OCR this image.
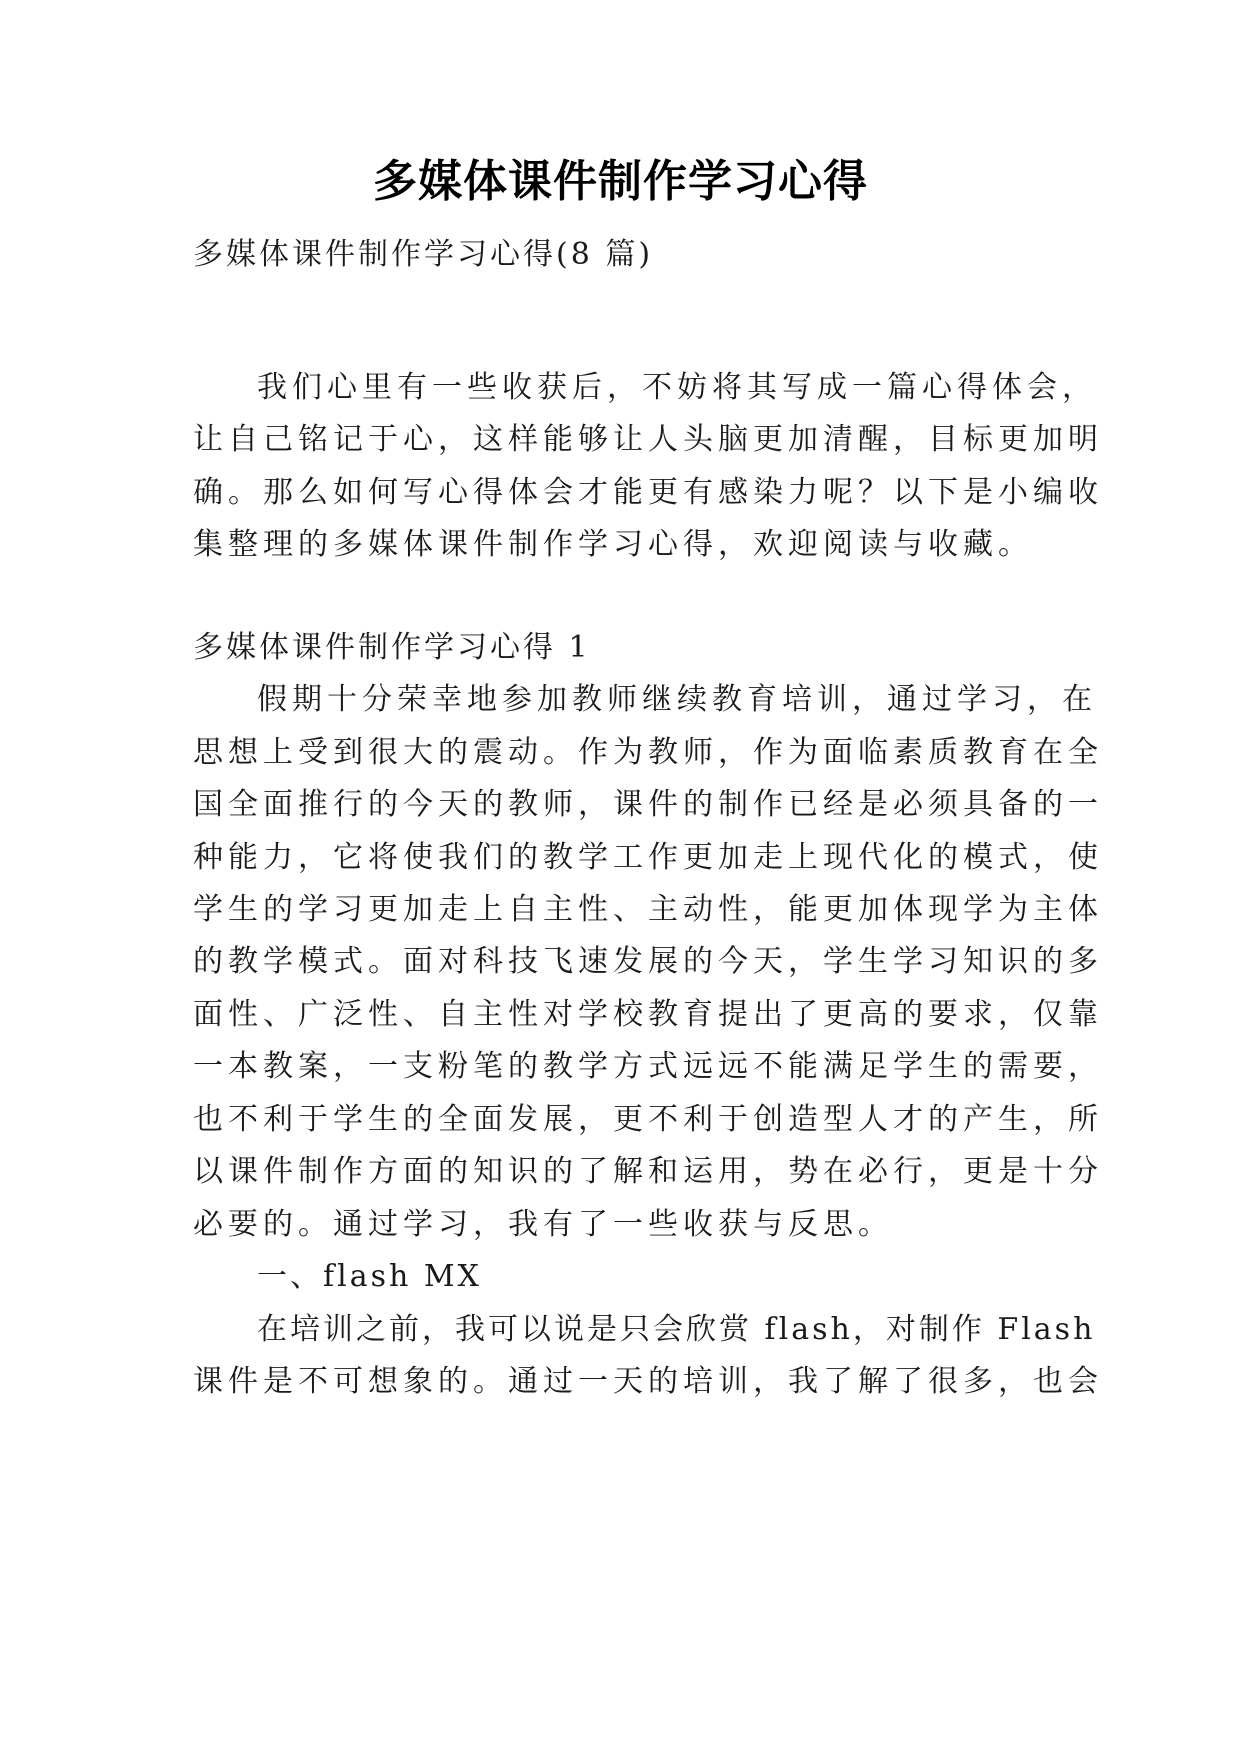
多媒体课件制作学习心得
多媒体课件制作学习心得(8 篇)
我们心里有一些收获后，不妨将其写成一篇心得体会，
让自己铭记于心，这样能够让人头脑更加清醒，目标更加明
确。那么如何写心得体会才能更有感染力呢？以下是小编收
集整理的多媒体课件制作学习心得，欢迎阅读与收藏。
多媒体课件制作学习心得 1
假期十分荣幸地参加教师继续教育培训，通过学习，在
思想上受到很大的震动。作为教师，作为面临素质教育在全
国全面推行的今天的教师，课件的制作已经是必须具备的一
种能力，它将使我们的教学工作更加走上现代化的模式，使
学生的学习更加走上自主性、主动性，能更加体现学为主体
的教学模式。面对科技飞速发展的今天，学生学习知识的多
面性、广泛性、自主性对学校教育提出了更高的要求，仅靠
一本教案，一支粉笔的教学方式远远不能满足学生的需要，
也不利于学生的全面发展，更不利于创造型人才的产生，所
以课件制作方面的知识的了解和运用，势在必行，更是十分
必要的。通过学习，我有了一些收获与反思。
一、flash MX
在培训之前，我可以说是只会欣赏 flash，对制作 Flash
课件是不可想象的。通过一天的培训，我了解了很多，也会
